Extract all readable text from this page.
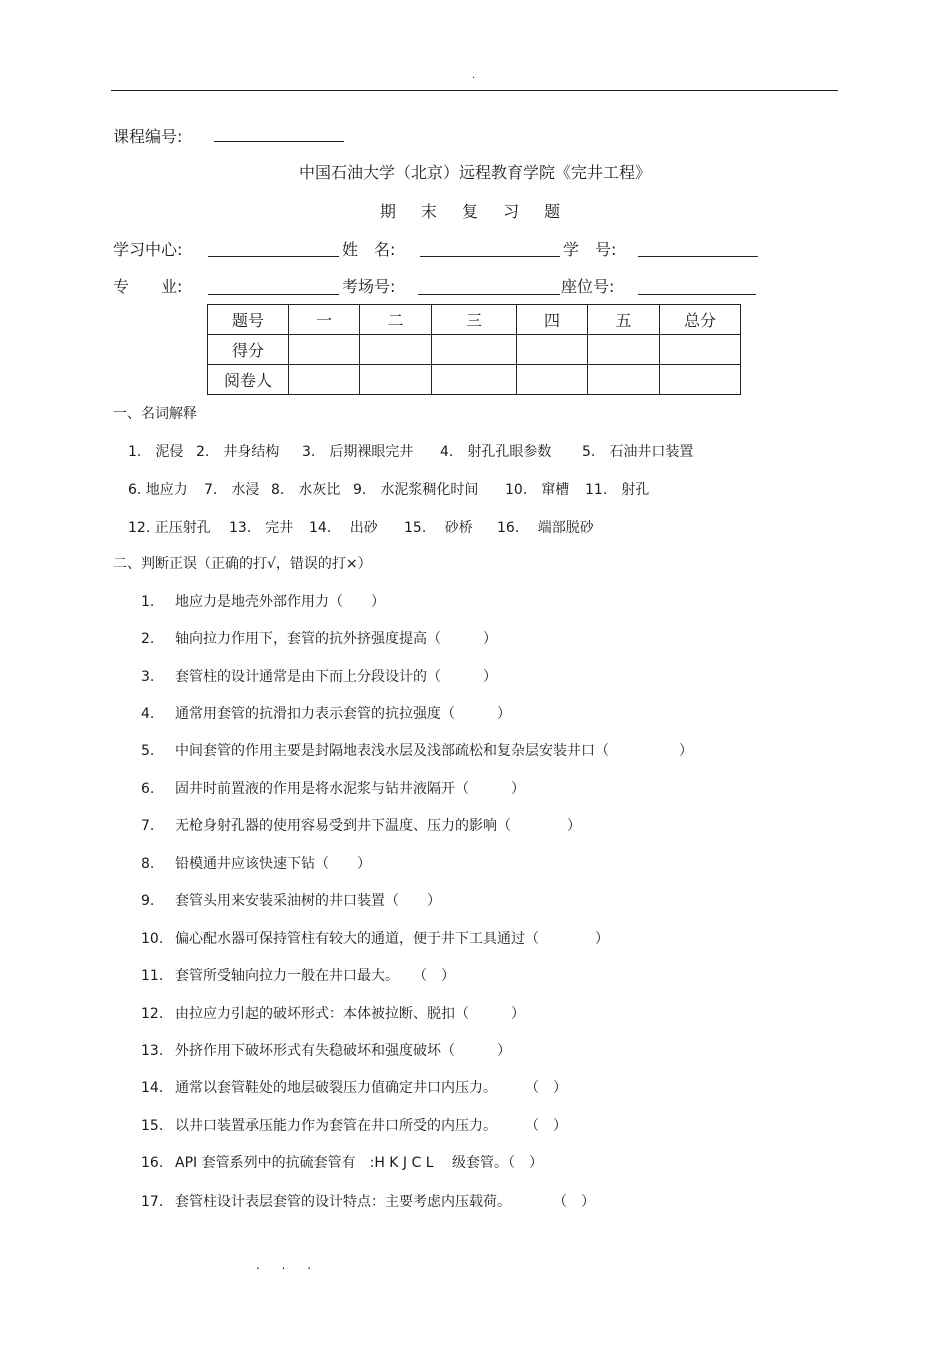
.
课程编号:
中国石油大学（北京）远程教育学院《完井工程》
期 末 复 习 题
学习中心:	姓　名:	学　号:
专　　业:	考场号:	座位号:
题号	一	二	三	四	五	总分
得分						
阅卷人						
一、名词解释
1.　泥侵 2.　井身结构 3.　后期裸眼完井 4.　射孔孔眼参数 5.　石油井口装置
6. 地应力 7.　水浸 8.　水灰比 9.　水泥浆稠化时间 10.　窜槽 11.　射孔
12. 正压射孔 13.　完井 14.　 出砂 15.　 砂桥 16.　 端部脱砂
二、判断正误（正确的打√，错误的打×）
1. 地应力是地壳外部作用力（　　）
2. 轴向拉力作用下，套管的抗外挤强度提高（　　　）
3. 套管柱的设计通常是由下而上分段设计的（　　　）
4. 通常用套管的抗滑扣力表示套管的抗拉强度（　　　）
5. 中间套管的作用主要是封隔地表浅水层及浅部疏松和复杂层安装井口（　　　　　）
6. 固井时前置液的作用是将水泥浆与钻井液隔开（　　　）
7. 无枪身射孔器的使用容易受到井下温度、压力的影响（　　　　）
8. 铅模通井应该快速下钻（　　）
9. 套管头用来安装采油树的井口装置（　　）
10. 偏心配水器可保持管柱有较大的通道，便于井下工具通过（　　　　）
11. 套管所受轴向拉力一般在井口最大。　　（　）
12. 由拉应力引起的破坏形式：本体被拉断、脱扣（　　　）
13. 外挤作用下破坏形式有失稳破坏和强度破坏（　　　）
14. 通常以套管鞋处的地层破裂压力值确定井口内压力。　　　（　）
15. 以井口装置承压能力作为套管在井口所受的内压力。　　　（　）
16. API 套管系列中的抗硫套管有　:H K J C L　 级套管。（　）
17. 套管柱设计表层套管的设计特点：主要考虑内压载荷。　　　　（　）
. . .
